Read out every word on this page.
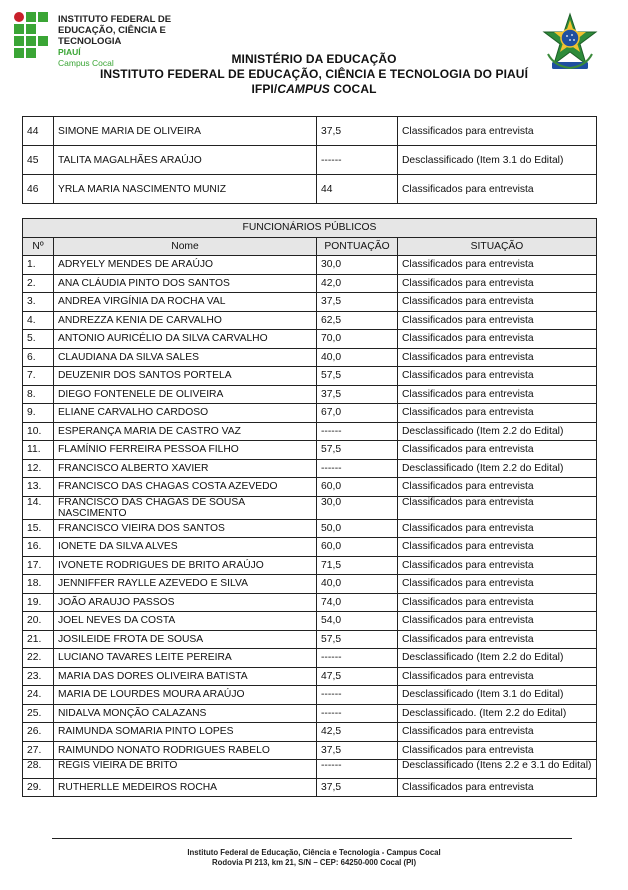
INSTITUTO FEDERAL DE
EDUCAÇÃO, CIÊNCIA E TECNOLOGIA
PIAUÍ
Campus Cocal	MINISTÉRIO DA EDUCAÇÃO
INSTITUTO FEDERAL DE EDUCAÇÃO, CIÊNCIA E TECNOLOGIA DO PIAUÍ
IFPI/CAMPUS COCAL
44	SIMONE MARIA DE OLIVEIRA	37,5	Classificados para entrevista
45	TALITA MAGALHÃES ARAÚJO	------	Desclassificado (Item 3.1 do Edital)
46	YRLA MARIA NASCIMENTO MUNIZ	44	Classificados para entrevista
FUNCIONÁRIOS PÚBLICOS			
Nº	Nome	PONTUAÇÃO	SITUAÇÃO
1.	ADRYELY MENDES DE ARAÚJO	30,0	Classificados para entrevista
2.	ANA CLÁUDIA PINTO DOS SANTOS	42,0	Classificados para entrevista
3.	ANDREA VIRGÍNIA DA ROCHA VAL	37,5	Classificados para entrevista
4.	ANDREZZA KENIA DE CARVALHO	62,5	Classificados para entrevista
5.	ANTONIO AURICÉLIO DA SILVA CARVALHO	70,0	Classificados para entrevista
6.	CLAUDIANA DA SILVA SALES	40,0	Classificados para entrevista
7.	DEUZENIR DOS SANTOS PORTELA	57,5	Classificados para entrevista
8.	DIEGO FONTENELE DE OLIVEIRA	37,5	Classificados para entrevista
9.	ELIANE CARVALHO CARDOSO	67,0	Classificados para entrevista
10.	ESPERANÇA MARIA DE CASTRO VAZ	------	Desclassificado (Item 2.2 do Edital)
11.	FLAMÍNIO FERREIRA PESSOA FILHO	57,5	Classificados para entrevista
12.	FRANCISCO ALBERTO XAVIER	------	Desclassificado (Item 2.2 do Edital)
13.	FRANCISCO DAS CHAGAS COSTA AZEVEDO	60,0	Classificados para entrevista
14.	FRANCISCO DAS CHAGAS DE SOUSA NASCIMENTO	30,0	Classificados para entrevista
15.	FRANCISCO VIEIRA DOS SANTOS	50,0	Classificados para entrevista
16.	IONETE DA SILVA ALVES	60,0	Classificados para entrevista
17.	IVONETE RODRIGUES DE BRITO ARAÚJO	71,5	Classificados para entrevista
18.	JENNIFFER RAYLLE AZEVEDO E SILVA	40,0	Classificados para entrevista
19.	JOÃO ARAUJO PASSOS	74,0	Classificados para entrevista
20.	JOEL NEVES DA COSTA	54,0	Classificados para entrevista
21.	JOSILEIDE FROTA DE SOUSA	57,5	Classificados para entrevista
22.	LUCIANO TAVARES LEITE PEREIRA	------	Desclassificado (Item 2.2 do Edital)
23.	MARIA DAS DORES OLIVEIRA BATISTA	47,5	Classificados para entrevista
24.	MARIA DE LOURDES MOURA ARAÚJO	------	Desclassificado (Item 3.1 do Edital)
25.	NIDALVA MONÇÃO CALAZANS	------	Desclassificado. (Item 2.2 do Edital)
26.	RAIMUNDA SOMARIA PINTO LOPES	42,5	Classificados para entrevista
27.	RAIMUNDO NONATO RODRIGUES RABELO	37,5	Classificados para entrevista
28.	RÉGIS VIEIRA DE BRITO	------	Desclassificado (Itens 2.2 e 3.1 do Edital)
29.	RUTHERLLE MEDEIROS ROCHA	37,5	Classificados para entrevista
Instituto Federal de Educação, Ciência e Tecnologia - Campus Cocal
Rodovia PI 213, km 21, S/N – CEP: 64250-000 Cocal (PI)
